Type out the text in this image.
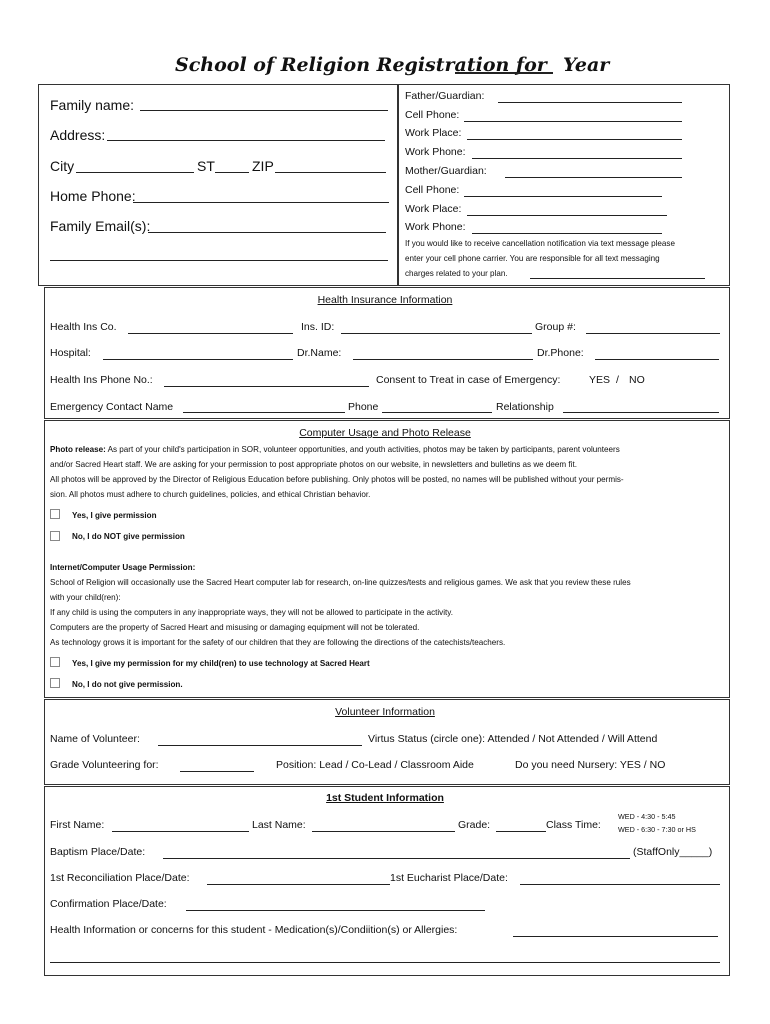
School of Religion Registration for Year
Family name:
Address:
City	ST	ZIP
Home Phone:
Family Email(s):
Father/Guardian:
Cell Phone:
Work Place:
Work Phone:
Mother/Guardian:
Cell Phone:
Work Place:
Work Phone:
If you would like to receive cancellation notification via text message please
enter your cell phone carrier. You are responsible for all text messaging
charges related to your plan.
Health Insurance Information
Health Ins Co.	Ins. ID:	Group #:
Hospital:	Dr.Name:	Dr.Phone:
Health Ins Phone No.:	Consent to Treat in case of Emergency:	YES / NO
Emergency Contact Name	Phone	Relationship
Computer Usage and Photo Release
Photo release: As part of your child's participation in SOR, volunteer opportunities, and youth activities, photos may be taken by participants, parent volunteers
and/or Sacred Heart staff. We are asking for your permission to post appropriate photos on our website, in newsletters and bulletins as we deem fit.
All photos will be approved by the Director of Religious Education before publishing. Only photos will be posted, no names will be published without your permis-
sion. All photos must adhere to church guidelines, policies, and ethical Christian behavior.
Yes, I give permission
No, I do NOT give permission
Internet/Computer Usage Permission:
School of Religion will occasionally use the Sacred Heart computer lab for research, on-line quizzes/tests and religious games. We ask that you review these rules
with your child(ren):
If any child is using the computers in any inappropriate ways, they will not be allowed to participate in the activity.
Computers are the property of Sacred Heart and misusing or damaging equipment will not be tolerated.
As technology grows it is important for the safety of our children that they are following the directions of the catechists/teachers.
Yes, I give my permission for my child(ren) to use technology at Sacred Heart
No, I do not give permission.
Volunteer Information
Name of Volunteer:	Virtus Status (circle one): Attended / Not Attended / Will Attend
Grade Volunteering for:	Position: Lead / Co-Lead / Classroom Aide	Do you need Nursery: YES / NO
1st Student Information
First Name:	Last Name:	Grade:	Class Time:
WED - 4:30 - 5:45
WED - 6:30 - 7:30 or HS
Baptism Place/Date:	(StaffOnly_____)
1st Reconciliation Place/Date:	1st Eucharist Place/Date:
Confirmation Place/Date:
Health Information or concerns for this student - Medication(s)/Condiition(s) or Allergies:
